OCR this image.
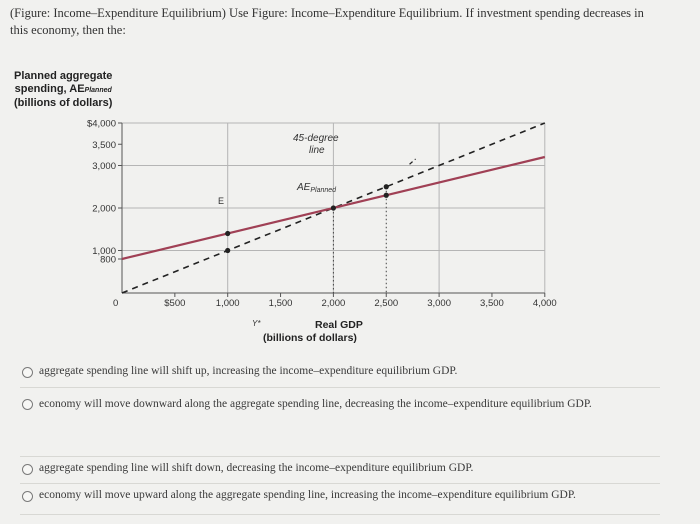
(Figure: Income–Expenditure Equilibrium) Use Figure: Income–Expenditure Equilibrium. If investment spending decreases in this economy, then the:
Planned aggregate
spending, AEPlanned
(billions of dollars)
$4,000
3,500
3,000
2,000
1,000
800
$500	1,000	1,500	2,000	2,500	3,000	3,500	4,000
0
E
45-degree
line
$AE_{Planned}$
Y*	Real GDP
(billions of dollars)
aggregate spending line will shift up, increasing the income–expenditure equilibrium GDP.
economy will move downward along the aggregate spending line, decreasing the income–expenditure equilibrium GDP.
aggregate spending line will shift down, decreasing the income–expenditure equilibrium GDP.
economy will move upward along the aggregate spending line, increasing the income–expenditure equilibrium GDP.
